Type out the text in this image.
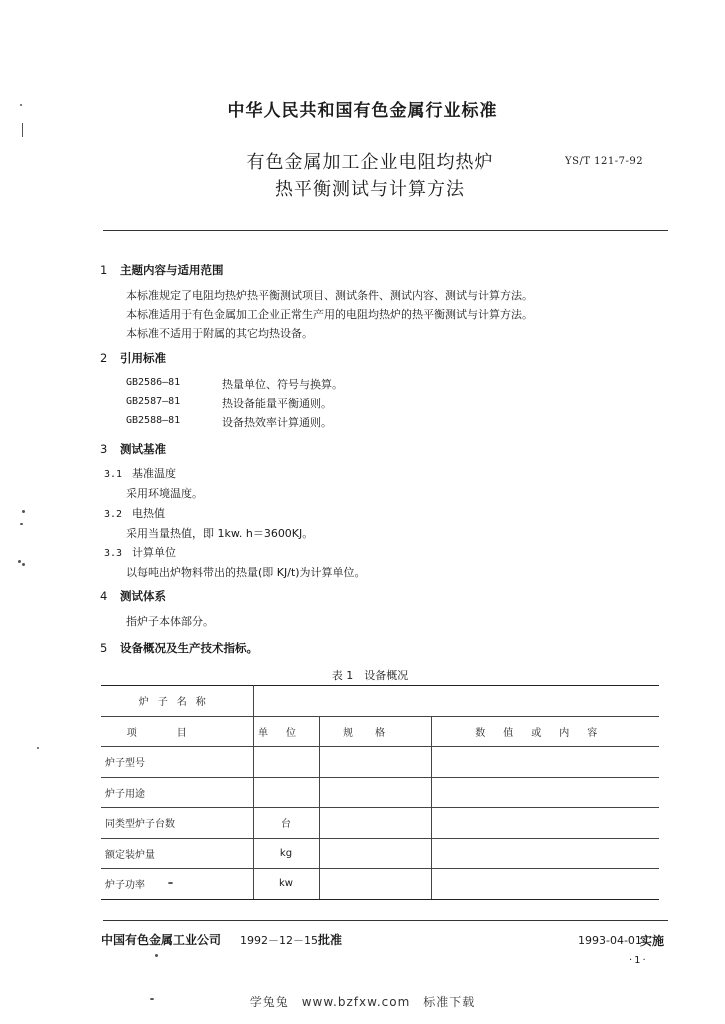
中华人民共和国有色金属行业标准
有色金属加工企业电阻均热炉
热平衡测试与计算方法
YS/T 121-7-92
1 主题内容与适用范围
本标准规定了电阻均热炉热平衡测试项目、测试条件、测试内容、测试与计算方法。
本标准适用于有色金属加工企业正常生产用的电阻均热炉的热平衡测试与计算方法。
本标准不适用于附属的其它均热设备。
2 引用标准
GB2586—81	热量单位、符号与换算。
GB2587—81	热设备能量平衡通则。
GB2588—81	设备热效率计算通则。
3 测试基准
3.1 基准温度
采用环境温度。
3.2 电热值
采用当量热值，即 1kw. h＝3600KJ。
3.3 计算单位
以每吨出炉物料带出的热量(即 KJ/t)为计算单位。
4 测试体系
指炉子本体部分。
5 设备概况及生产技术指标。
表 1　设备概况
炉子名称			
项目	单位	规格	数值或内容
炉子型号			
炉子用途			
同类型炉子台数	台		
额定装炉量	kg		
炉子功率	kw		
中国有色金属工业公司 1992－12－15 批准	1993-04-01
实施
·1·
学兔兔　www.bzfxw.com　标准下载
